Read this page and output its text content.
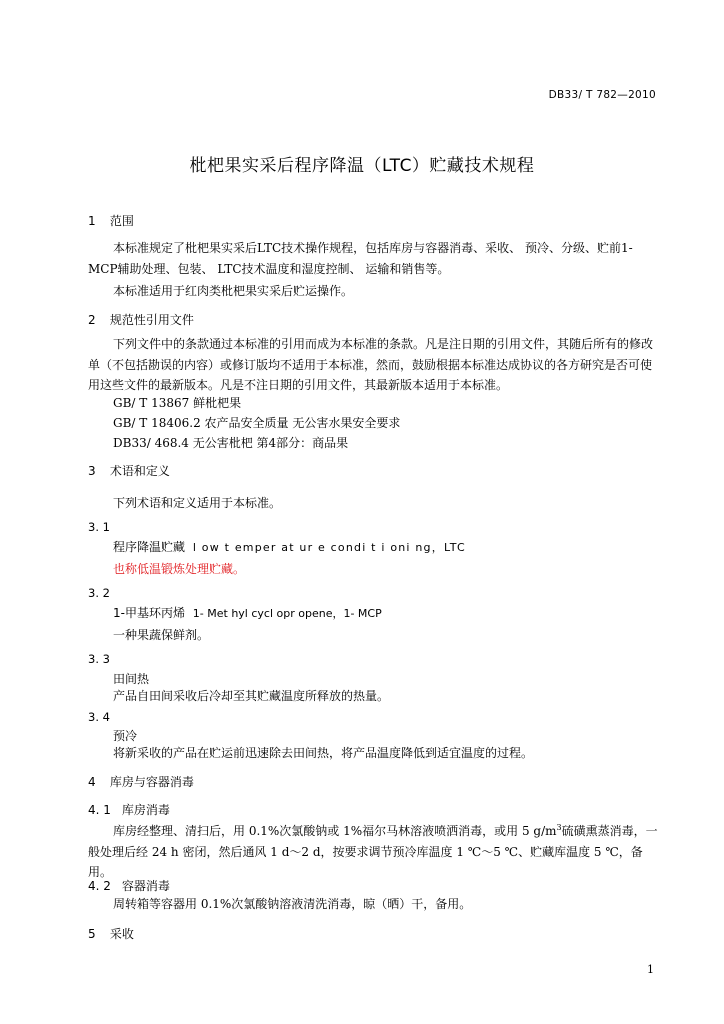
DB33/ T 782—2010
枇杷果实采后程序降温（LTC）贮藏技术规程
1 范围
本标准规定了枇杷果实采后LTC技术操作规程，包括库房与容器消毒、采收、 预冷、分级、贮前1-MCP辅助处理、包装、 LTC技术温度和湿度控制、 运输和销售等。
本标准适用于红肉类枇杷果实采后贮运操作。
2 规范性引用文件
下列文件中的条款通过本标准的引用而成为本标准的条款。凡是注日期的引用文件，其随后所有的修改单（不包括勘误的内容）或修订版均不适用于本标准，然而，鼓励根据本标准达成协议的各方研究是否可使用这些文件的最新版本。凡是不注日期的引用文件，其最新版本适用于本标准。
GB/ T 13867 鲜枇杷果
GB/ T 18406.2 农产品安全质量 无公害水果安全要求
DB33/ 468.4 无公害枇杷 第4部分：商品果
3 术语和定义
下列术语和定义适用于本标准。
3. 1
程序降温贮藏 l ow t emper at ur e condi t i oni ng，LTC
也称低温锻炼处理贮藏。
3. 2
1-甲基环丙烯 1- Met hyl cycl opr opene，1- MCP
一种果蔬保鲜剂。
3. 3
田间热
产品自田间采收后冷却至其贮藏温度所释放的热量。
3. 4
预冷
将新采收的产品在贮运前迅速除去田间热，将产品温度降低到适宜温度的过程。
4 库房与容器消毒
4. 1 库房消毒
库房经整理、清扫后，用 0.1%次氯酸钠或 1%福尔马林溶液喷洒消毒，或用 5 $g/m^3$硫磺熏蒸消毒，一般处理后经 24 h 密闭，然后通风 1 d～2 d，按要求调节预冷库温度 1 ℃～5 ℃、贮藏库温度 5 ℃，备用。
4. 2 容器消毒
周转箱等容器用 0.1%次氯酸钠溶液清洗消毒，晾（晒）干，备用。
5 采收
1
